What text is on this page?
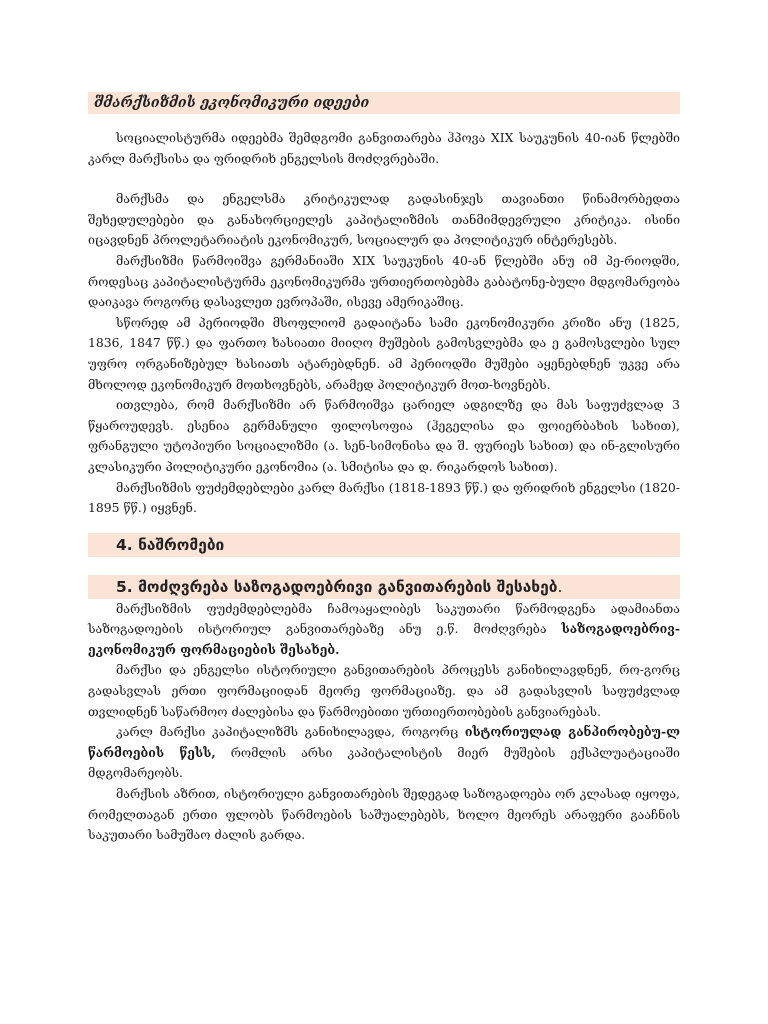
შმარქსიზმის ეკონომიკური იდეები

სოციალისტურმა იდეებმა შემდგომი განვითარება ჰპოვა XIX საუკუნის 40-იან წლებში კარლ მარქსისა და ფრიდრიხ ენგელსის მოძღვრებაში.

მარქსმა და ენგელსმა კრიტიკულად გადასინჯეს თავიანთი წინამორბედთა შეხედულებები და განახორციელეს კაპიტალიზმის თანმიმდევრული კრიტიკა. ისინი იცავდნენ პროლეტარიატის ეკონომიკურ, სოციალურ და პოლიტიკურ ინტერესებს.

მარქსიზმი წარმოიშვა გერმანიაში XIX საუკუნის 40-ან წლებში ანუ იმ პე-რიოდში, როდესაც კაპიტალისტურმა ეკონომიკურმა ურთიერთობებმა გაბატონე-ბული მდგომარეობა დაიკავა როგორც დასავლეთ ევროპაში, ისევე ამერიკაშიც.

სწორედ ამ პერიოდში მსოფლიომ გადაიტანა სამი ეკონომიკური კრიზი ანუ (1825, 1836, 1847 წწ.) და ფართო ხასიათი მიიღო მუშების გამოსვლებმა და ე გამოსვლები სულ უფრო ორგანიზებულ ხასიათს ატარებდნენ. ამ პერიოდში მუშები აყენებდნენ უკვე არა მხოლოდ ეკონომიკურ მოთხოვნებს, არამედ პოლიტიკურ მოთ-ხოვნებს.

ითვლება, რომ მარქსიზმი არ წარმოიშვა ცარიელ ადგილზე და მას საფუძვლად 3 წყაროუდევს. ესენია გერმანული ფილოსოფია (ჰეგელისა და ფოიერბახის სახით), ფრანგული უტოპიური სოციალიზმი (ა. სენ-სიმონისა და შ. ფურიეს სახით) და ინ-გლისური კლასიკური პოლიტიკური ეკონომია (ა. სმიტისა და დ. რიკარდოს სახით).

მარქსიზმის ფუძემდებლები კარლ მარქსი (1818-1893 წწ.) და ფრიდრიხ ენგელსი (1820-1895 წწ.) იყვნენ.

4. ნაშრომები
5. მოძღვრება საზოგადოებრივი განვითარების შესახებ.

მარქსიზმის ფუძემდებლებმა ჩამოაყალიბეს საკუთარი წარმოდგენა ადამიანთა საზოგადოების ისტორიულ განვითარებაზე ანუ ე.წ. მოძღვრება საზოგადოებრივ-ეკონომიკურ ფორმაციების შესახებ.

მარქსი და ენგელსი ისტორიული განვითარების პროცესს განიხილავდნენ, რო-გორც გადასვლას ერთი ფორმაციიდან მეორე ფორმაციაზე. და ამ გადასვლის საფუძვლად თვლიდნენ საწარმოო ძალებისა და წარმოებითი ურთიერთობების განვიარებას.

კარლ მარქსი კაპიტალიზმს განიხილავდა, როგორც ისტორიულად განპირობებუ-ლ წარმოების წესს, რომლის არსი კაპიტალისტის მიერ მუშების ექსპლუატაციაში მდგომარეობს.

მარქსის აზრით, ისტორიული განვითარების შედეგად საზოგადოება ორ კლასად იყოფა, რომელთაგან ერთი ფლობს წარმოების საშუალებებს, ხოლო მეორეს არაფერი გააჩნის საკუთარი სამუშაო ძალის გარდა.
